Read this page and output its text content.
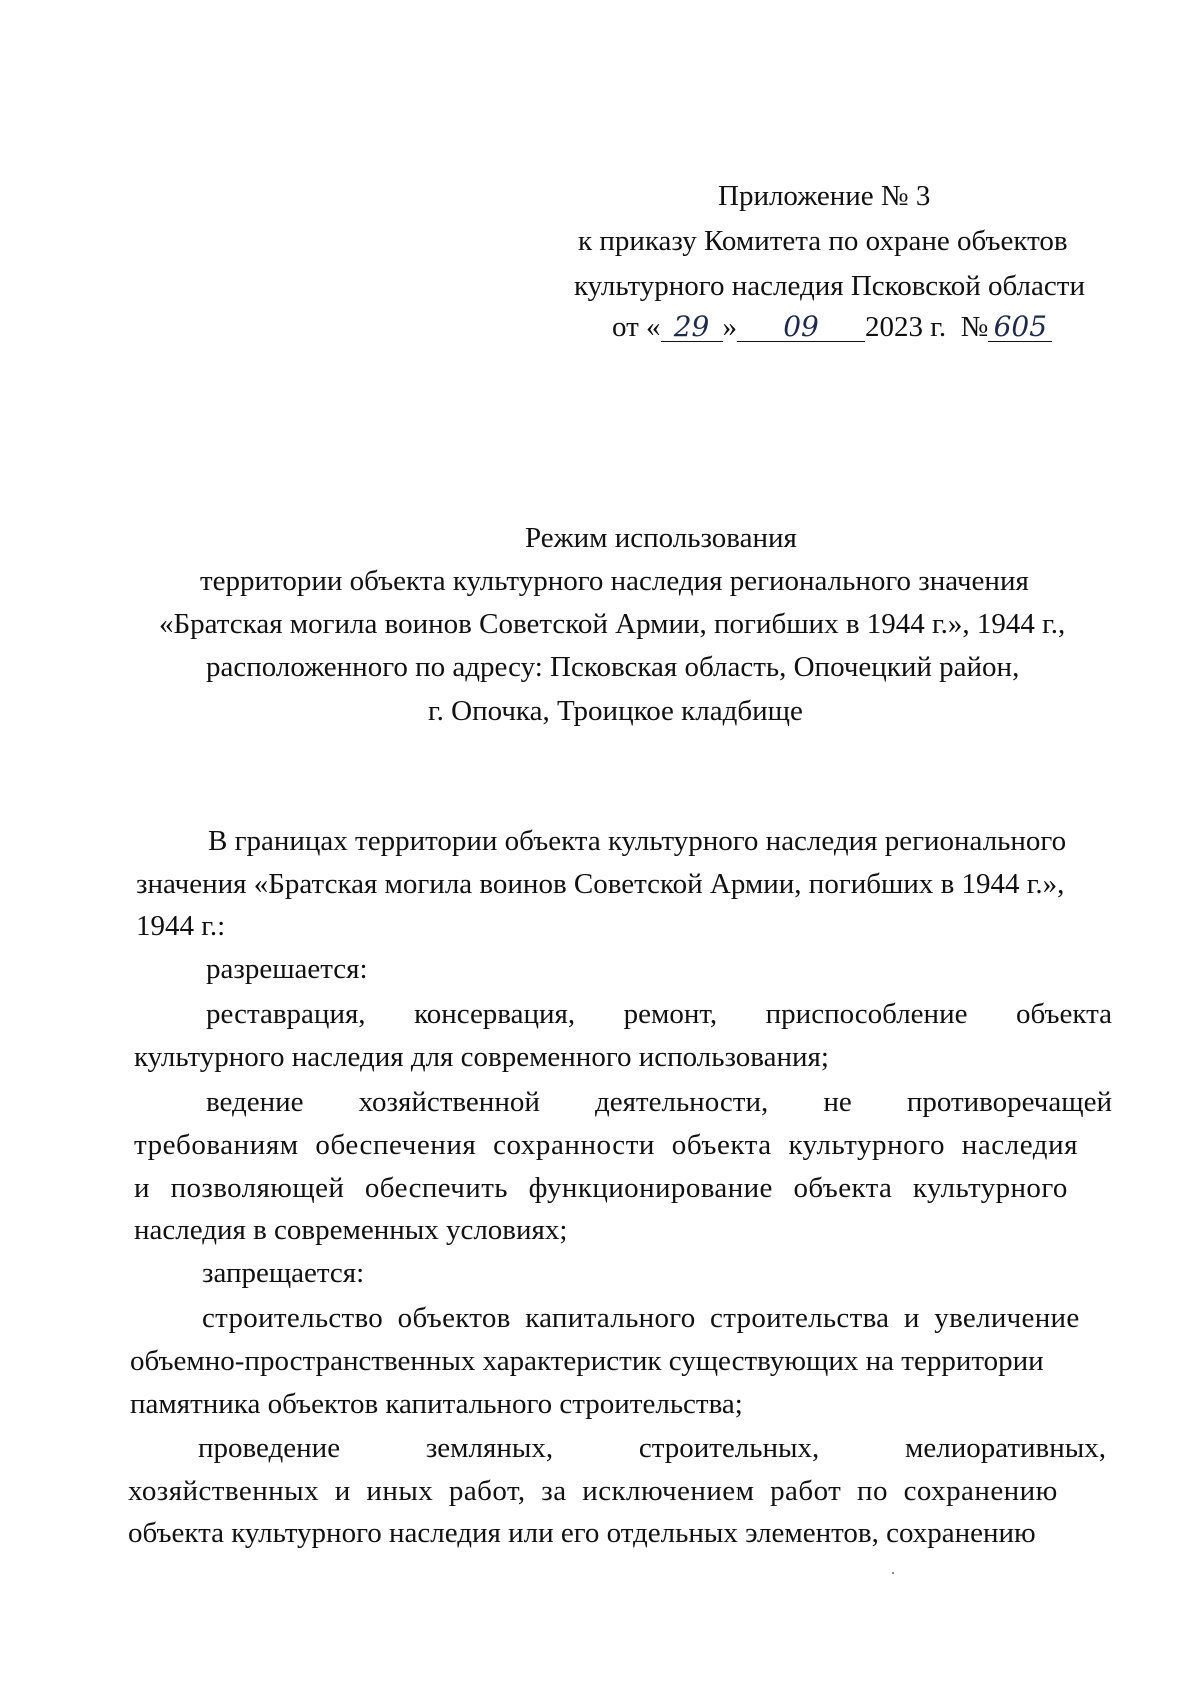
Приложение № 3
к приказу Комитета по охране объектов
культурного наследия Псковской области
от « 29 » 09 2023 г. № 605
Режим использования
территории объекта культурного наследия регионального значения
«Братская могила воинов Советской Армии, погибших в 1944 г.», 1944 г.,
расположенного по адресу: Псковская область, Опочецкий район,
г. Опочка, Троицкое кладбище
В границах территории объекта культурного наследия регионального
значения «Братская могила воинов Советской Армии, погибших в 1944 г.»,
1944 г.:
разрешается:
реставрация, консервация, ремонт, приспособление объекта
культурного наследия для современного использования;
ведение хозяйственной деятельности, не противоречащей
требованиям обеспечения сохранности объекта культурного наследия
и позволяющей обеспечить функционирование объекта культурного
наследия в современных условиях;
запрещается:
строительство объектов капитального строительства и увеличение
объемно-пространственных характеристик существующих на территории
памятника объектов капитального строительства;
проведение	земляных,	строительных,	мелиоративных,
хозяйственных и иных работ, за исключением работ по сохранению
объекта культурного наследия или его отдельных элементов, сохранению
